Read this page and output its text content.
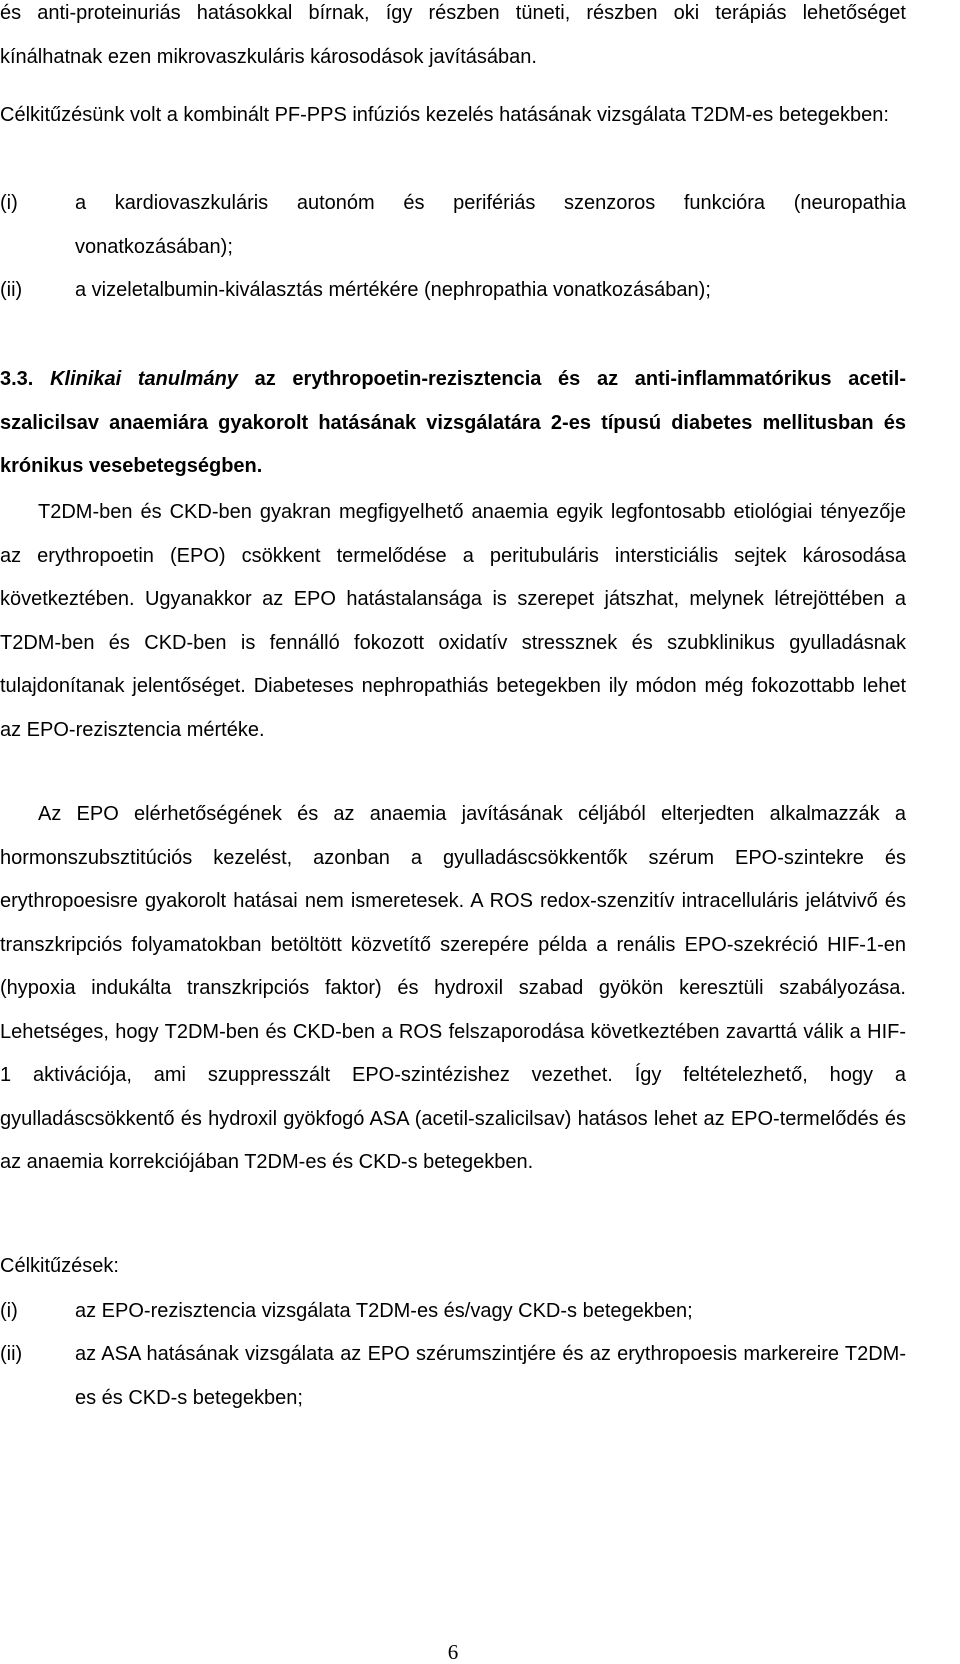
és anti-proteinuriás hatásokkal bírnak, így részben tüneti, részben oki terápiás lehetőséget kínálhatnak ezen mikrovaszkuláris károsodások javításában.

Célkitűzésünk volt a kombinált PF-PPS infúziós kezelés hatásának vizsgálata T2DM-es betegekben:

(i)	a kardiovaszkuláris autonóm és perifériás szenzoros funkcióra (neuropathia vonatkozásában);
(ii)	a vizeletalbumin-kiválasztás mértékére (nephropathia vonatkozásában);

3.3. Klinikai tanulmány az erythropoetin-rezisztencia és az anti-inflammatórikus acetil-szalicilsav anaemiára gyakorolt hatásának vizsgálatára 2-es típusú diabetes mellitusban és krónikus vesebetegségben.

T2DM-ben és CKD-ben gyakran megfigyelhető anaemia egyik legfontosabb etiológiai tényezője az erythropoetin (EPO) csökkent termelődése a peritubuláris intersticiális sejtek károsodása következtében. Ugyanakkor az EPO hatástalansága is szerepet játszhat, melynek létrejöttében a T2DM-ben és CKD-ben is fennálló fokozott oxidatív stressznek és szubklinikus gyulladásnak tulajdonítanak jelentőséget. Diabeteses nephropathiás betegekben ily módon még fokozottabb lehet az EPO-rezisztencia mértéke.

Az EPO elérhetőségének és az anaemia javításának céljából elterjedten alkalmazzák a hormonszubsztitúciós kezelést, azonban a gyulladáscsökkentők szérum EPO-szintekre és erythropoesisre gyakorolt hatásai nem ismeretesek. A ROS redox-szenzitív intracelluláris jelátvivő és transzkripciós folyamatokban betöltött közvetítő szerepére példa a renális EPO-szekréció HIF-1-en (hypoxia indukálta transzkripciós faktor) és hydroxil szabad gyökön keresztüli szabályozása. Lehetséges, hogy T2DM-ben és CKD-ben a ROS felszaporodása következtében zavarttá válik a HIF-1 aktivációja, ami szuppresszált EPO-szintézishez vezethet. Így feltételezhető, hogy a gyulladáscsökkentő és hydroxil gyökfogó ASA (acetil-szalicilsav) hatásos lehet az EPO-termelődés és az anaemia korrekciójában T2DM-es és CKD-s betegekben.

Célkitűzések:
(i)	az EPO-rezisztencia vizsgálata T2DM-es és/vagy CKD-s betegekben;
(ii)	az ASA hatásának vizsgálata az EPO szérumszintjére és az erythropoesis markereire T2DM-es és CKD-s betegekben;
6
